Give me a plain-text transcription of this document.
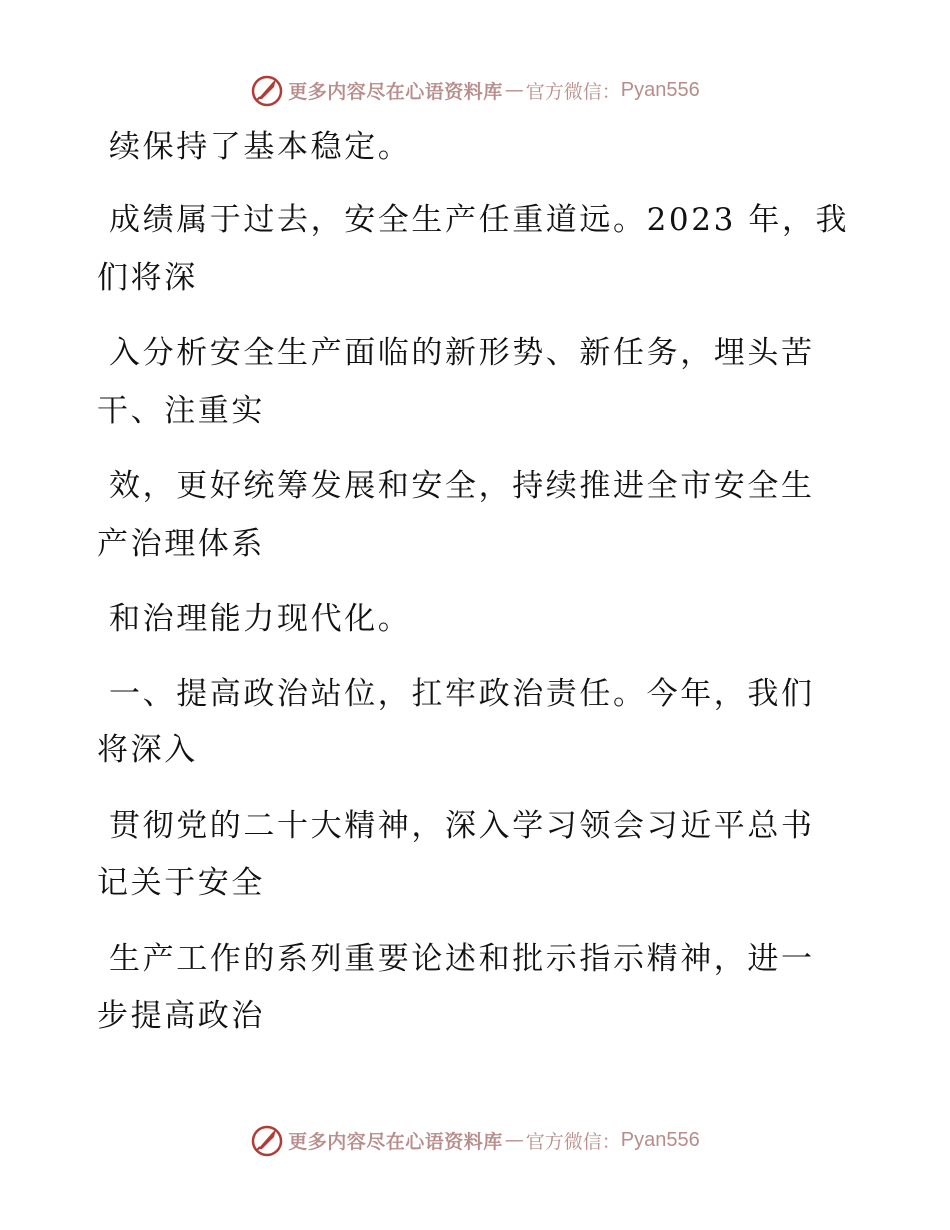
更多内容尽在心语资料库 — 官方微信： Pyan556
续保持了基本稳定。
成绩属于过去，安全生产任重道远。2023 年，我
们将深
入分析安全生产面临的新形势、新任务，埋头苦
干、注重实
效，更好统筹发展和安全，持续推进全市安全生
产治理体系
和治理能力现代化。
一、提高政治站位，扛牢政治责任。今年，我们
将深入
贯彻党的二十大精神，深入学习领会习近平总书
记关于安全
生产工作的系列重要论述和批示指示精神，进一
步提高政治
更多内容尽在心语资料库 — 官方微信： Pyan556
